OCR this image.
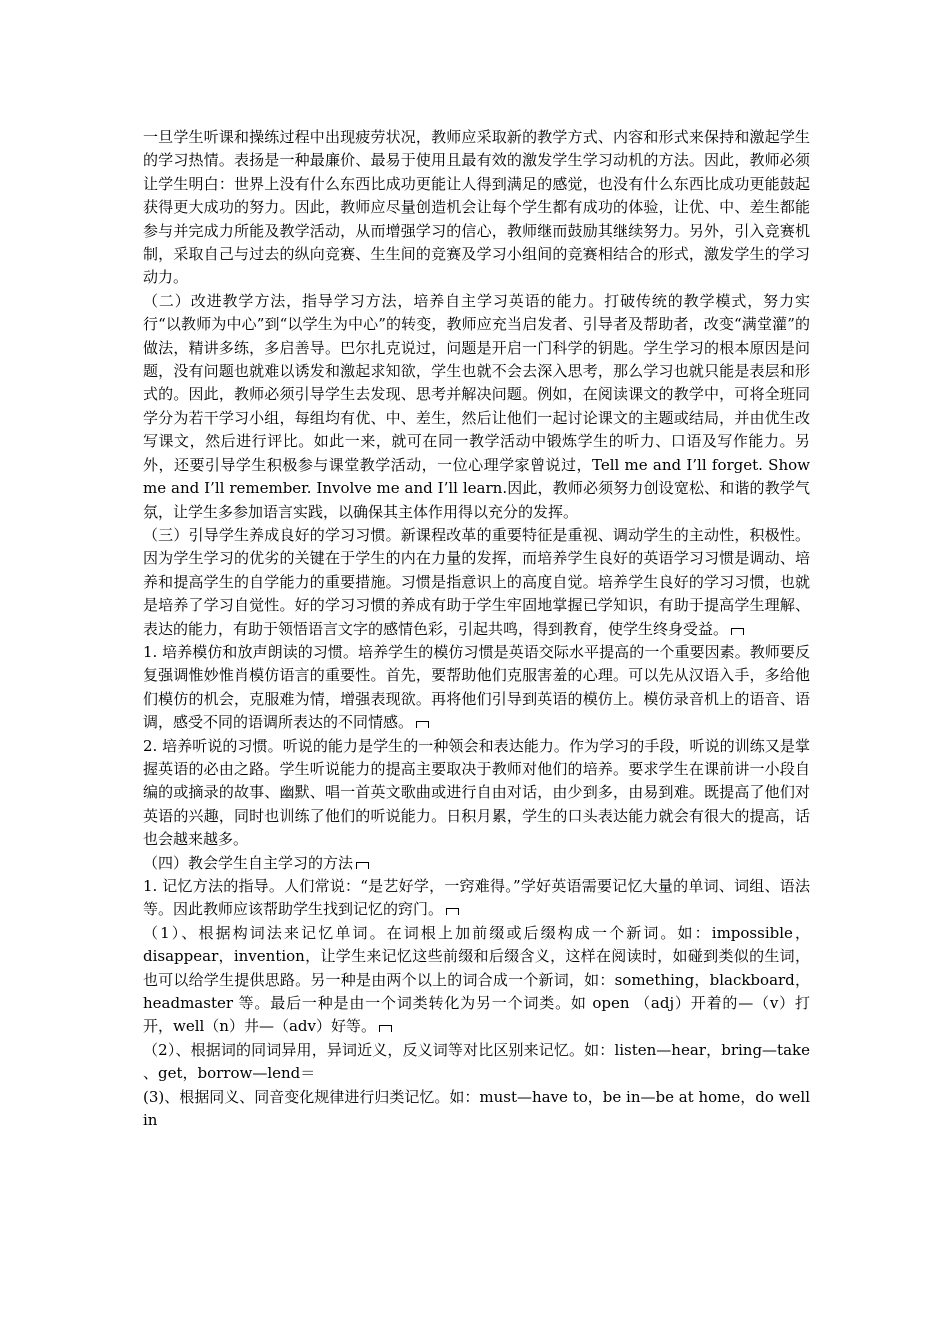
一旦学生听课和操练过程中出现疲劳状况，教师应采取新的教学方式、内容和形式来保持和激起学生的学习热情。表扬是一种最廉价、最易于使用且最有效的激发学生学习动机的方法。因此，教师必须让学生明白：世界上没有什么东西比成功更能让人得到满足的感觉，也没有什么东西比成功更能鼓起获得更大成功的努力。因此，教师应尽量创造机会让每个学生都有成功的体验，让优、中、差生都能参与并完成力所能及教学活动，从而增强学习的信心，教师继而鼓励其继续努力。另外，引入竞赛机制，采取自己与过去的纵向竞赛、生生间的竞赛及学习小组间的竞赛相结合的形式，激发学生的学习动力。

（二）改进教学方法，指导学习方法，培养自主学习英语的能力。打破传统的教学模式，努力实行“以教师为中心”到“以学生为中心”的转变，教师应充当启发者、引导者及帮助者，改变“满堂灌”的做法，精讲多练，多启善导。巴尔扎克说过，问题是开启一门科学的钥匙。学生学习的根本原因是问题，没有问题也就难以诱发和激起求知欲，学生也就不会去深入思考，那么学习也就只能是表层和形式的。因此，教师必须引导学生去发现、思考并解决问题。例如，在阅读课文的教学中，可将全班同学分为若干学习小组，每组均有优、中、差生，然后让他们一起讨论课文的主题或结局，并由优生改写课文，然后进行评比。如此一来，就可在同一教学活动中锻炼学生的听力、口语及写作能力。另外，还要引导学生积极参与课堂教学活动，一位心理学家曾说过，Tell me and I’ll forget. Show me and I’ll remember. Involve me and I’ll learn.因此，教师必须努力创设宽松、和谐的教学气氛，让学生多参加语言实践，以确保其主体作用得以充分的发挥。

（三）引导学生养成良好的学习习惯。新课程改革的重要特征是重视、调动学生的主动性，积极性。因为学生学习的优劣的关键在于学生的内在力量的发挥，而培养学生良好的英语学习习惯是调动、培养和提高学生的自学能力的重要措施。习惯是指意识上的高度自觉。培养学生良好的学习习惯，也就是培养了学习自觉性。好的学习习惯的养成有助于学生牢固地掌握已学知识，有助于提高学生理解、表达的能力，有助于领悟语言文字的感情色彩，引起共鸣，得到教育，使学生终身受益。

1. 培养模仿和放声朗读的习惯。培养学生的模仿习惯是英语交际水平提高的一个重要因素。教师要反复强调惟妙惟肖模仿语言的重要性。首先，要帮助他们克服害羞的心理。可以先从汉语入手，多给他们模仿的机会，克服难为情，增强表现欲。再将他们引导到英语的模仿上。模仿录音机上的语音、语调，感受不同的语调所表达的不同情感。

2. 培养听说的习惯。听说的能力是学生的一种领会和表达能力。作为学习的手段，听说的训练又是掌握英语的必由之路。学生听说能力的提高主要取决于教师对他们的培养。要求学生在课前讲一小段自编的或摘录的故事、幽默、唱一首英文歌曲或进行自由对话，由少到多，由易到难。既提高了他们对英语的兴趣，同时也训练了他们的听说能力。日积月累，学生的口头表达能力就会有很大的提高，话也会越来越多。

（四）教会学生自主学习的方法

1. 记忆方法的指导。人们常说：“是艺好学，一窍难得。”学好英语需要记忆大量的单词、词组、语法等。因此教师应该帮助学生找到记忆的窍门。

（1）、根据构词法来记忆单词。在词根上加前缀或后缀构成一个新词。如：impossible，disappear，invention，让学生来记忆这些前缀和后缀含义，这样在阅读时，如碰到类似的生词，也可以给学生提供思路。另一种是由两个以上的词合成一个新词，如：something，blackboard，headmaster 等。最后一种是由一个词类转化为另一个词类。如 open （adj）开着的—（v）打开，well（n）井—（adv）好等。

（2）、根据词的同词异用，异词近义，反义词等对比区别来记忆。如：listen—hear，bring—take 、get，borrow—lend＝

(3)、根据同义、同音变化规律进行归类记忆。如：must—have to，be in—be at home，do well in
